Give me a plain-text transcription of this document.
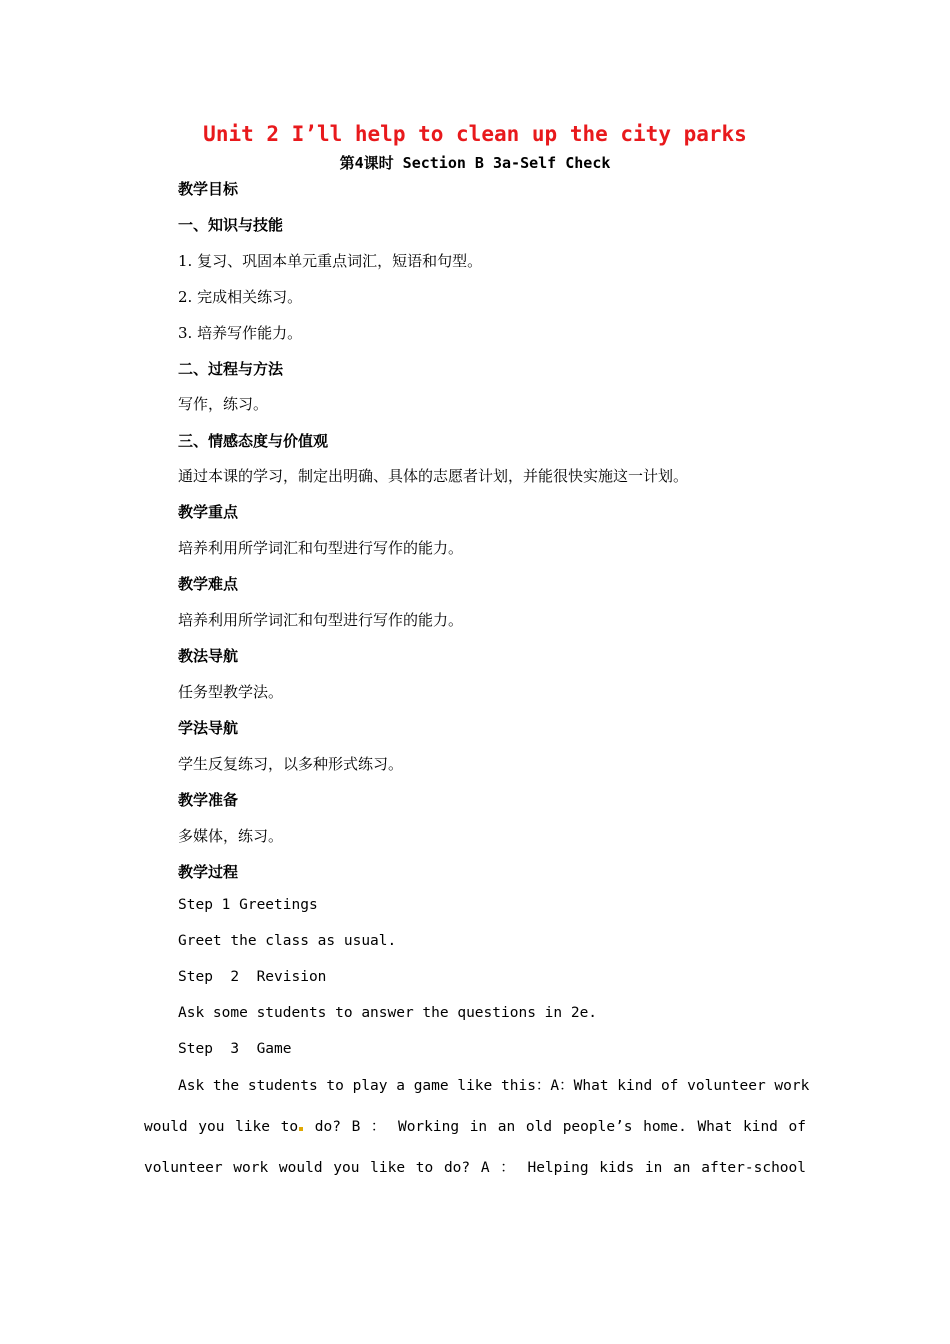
Unit 2 I’ll help to clean up the city parks
第4课时 Section B 3a-Self Check
教学目标
一、知识与技能
1. 复习、巩固本单元重点词汇，短语和句型。
2. 完成相关练习。
3. 培养写作能力。
二、过程与方法
写作，练习。
三、情感态度与价值观
通过本课的学习，制定出明确、具体的志愿者计划，并能很快实施这一计划。
教学重点
培养利用所学词汇和句型进行写作的能力。
教学难点
培养利用所学词汇和句型进行写作的能力。
教法导航
任务型教学法。
学法导航
学生反复练习，以多种形式练习。
教学准备
多媒体，练习。
教学过程
Step 1 Greetings
Greet the class as usual.
Step  2  Revision
Ask some students to answer the questions in 2e.
Step  3  Game
Ask the students to play a game like this：A：What kind of volunteer work
would you like to do? B ： Working in an old people’s home. What kind of
volunteer work would you like to do? A ： Helping kids in an after-school
